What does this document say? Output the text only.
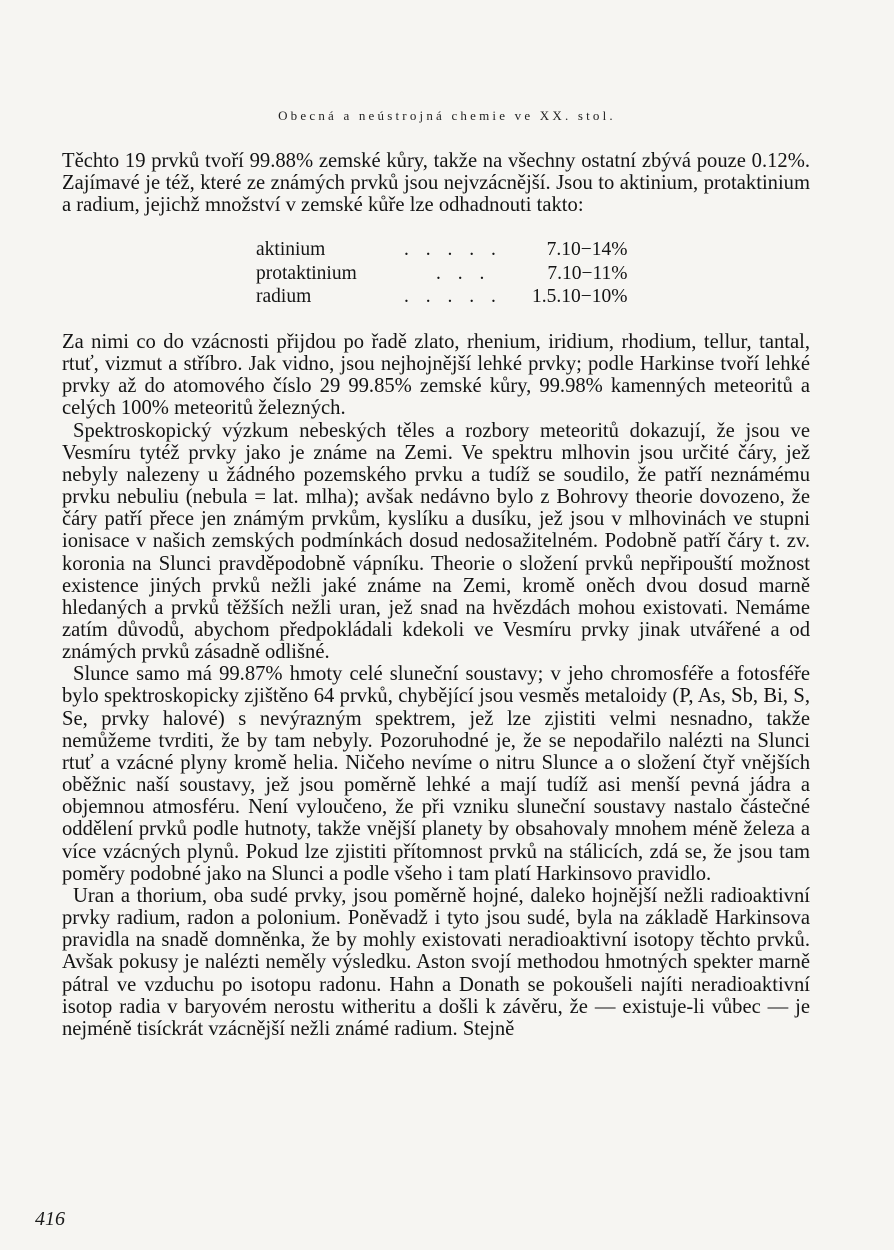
Obecná a neústrojná chemie ve XX. stol.

Těchto 19 prvků tvoří 99.88% zemské kůry, takže na všechny ostatní zbývá pouze 0.12%. Zajímavé je též, které ze známých prvků jsou nejvzácnější. Jsou to aktinium, protaktinium a radium, jejichž množství v zemské kůře lze odhadnouti takto:

aktinium	. . . . .	7.10−14%
protaktinium	. . .	7.10−11%
radium	. . . . .	1.5.10−10%

Za nimi co do vzácnosti přijdou po řadě zlato, rhenium, iridium, rhodium, tellur, tantal, rtuť, vizmut a stříbro. Jak vidno, jsou nejhojnější lehké prvky; podle Harkinse tvoří lehké prvky až do atomového číslo 29 99.85% zemské kůry, 99.98% kamenných meteoritů a celých 100% meteoritů železných.

Spektroskopický výzkum nebeských těles a rozbory meteoritů dokazují, že jsou ve Vesmíru tytéž prvky jako je známe na Zemi. Ve spektru mlhovin jsou určité čáry, jež nebyly nalezeny u žádného pozemského prvku a tudíž se soudilo, že patří neznámému prvku nebuliu (nebula = lat. mlha); avšak nedávno bylo z Bohrovy theorie dovozeno, že čáry patří přece jen známým prvkům, kyslíku a dusíku, jež jsou v mlhovinách ve stupni ionisace v našich zemských podmínkách dosud nedosažitelném. Podobně patří čáry t. zv. koronia na Slunci pravděpodobně vápníku. Theorie o složení prvků nepřipouští možnost existence jiných prvků nežli jaké známe na Zemi, kromě oněch dvou dosud marně hledaných a prvků těžších nežli uran, jež snad na hvězdách mohou existovati. Nemáme zatím důvodů, abychom předpokládali kdekoli ve Vesmíru prvky jinak utvářené a od známých prvků zásadně odlišné.

Slunce samo má 99.87% hmoty celé sluneční soustavy; v jeho chromosféře a fotosféře bylo spektroskopicky zjištěno 64 prvků, chybějící jsou vesměs metaloidy (P, As, Sb, Bi, S, Se, prvky halové) s nevýrazným spektrem, jež lze zjistiti velmi nesnadno, takže nemůžeme tvrditi, že by tam nebyly. Pozoruhodné je, že se nepodařilo nalézti na Slunci rtuť a vzácné plyny kromě helia. Ničeho nevíme o nitru Slunce a o složení čtyř vnějších oběžnic naší soustavy, jež jsou poměrně lehké a mají tudíž asi menší pevná jádra a objemnou atmosféru. Není vyloučeno, že při vzniku sluneční soustavy nastalo částečné oddělení prvků podle hutnoty, takže vnější planety by obsahovaly mnohem méně železa a více vzácných plynů. Pokud lze zjistiti přítomnost prvků na stálicích, zdá se, že jsou tam poměry podobné jako na Slunci a podle všeho i tam platí Harkinsovo pravidlo.

Uran a thorium, oba sudé prvky, jsou poměrně hojné, daleko hojnější nežli radioaktivní prvky radium, radon a polonium. Poněvadž i tyto jsou sudé, byla na základě Harkinsova pravidla na snadě domněnka, že by mohly existovati neradioaktivní isotopy těchto prvků. Avšak pokusy je nalézti neměly výsledku. Aston svojí methodou hmotných spekter marně pátral ve vzduchu po isotopu radonu. Hahn a Donath se pokoušeli najíti neradioaktivní isotop radia v baryovém nerostu witheritu a došli k závěru, že — existuje-li vůbec — je nejméně tisíckrát vzácnější nežli známé radium. Stejně

416
